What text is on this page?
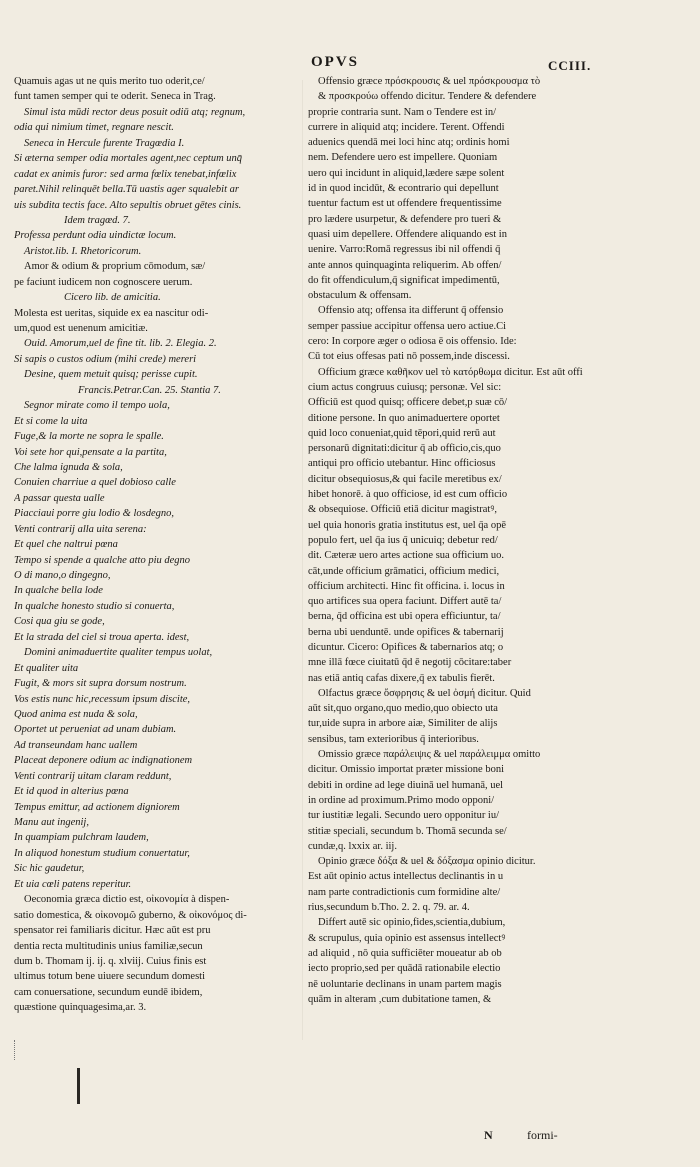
OPVS	CCIII.
Quamuis agas ut ne quis merito tuo oderit,ce/
funt tamen semper qui te oderit. Seneca in Trag.
Simul ista mūdi rector deus posuit odiū atq; regnum,
odia qui nimium timet, regnare nescit.
Seneca in Hercule furente Tragœdia I.
Si æterna semper odia mortales agent,nec ceptum unq̄
cadat ex animis furor: sed arma fœlix tenebat,infœlix
paret.Nihil relinquēt bella.Tū uastis ager squalebit ar
uis subdita tectis face. Alto sepultis obruet gētes cinis.
Idem tragœd. 7.
Professa perdunt odia uindictæ locum.
Aristot.lib. I. Rhetoricorum.
Amor & odium & proprium cōmodum, sæ/
pe faciunt iudicem non cognoscere uerum.
Cicero lib. de amicitia.
Molesta est ueritas, siquide ex ea nascitur odi-
um,quod est uenenum amicitiæ.
Ouid. Amorum,uel de fine tit. lib. 2. Elegia. 2.
Si sapis o custos odium (mihi crede) mereri
Desine, quem metuit quisq; perisse cupit.
Francis.Petrar.Can. 25. Stantia 7.
Segnor mirate como il tempo uola,
Et si come la uita
Fuge,& la morte ne sopra le spalle.
Voi sete hor qui,pensate a la partita,
Che lalma ignuda & sola,
Conuien charriue a quel dobioso calle
A passar questa ualle
Piacciaui porre giu lodio & losdegno,
Venti contrarij alla uita serena:
Et quel che naltrui pœna
Tempo si spende a qualche atto piu degno
O di mano,o dingegno,
In qualche bella lode
In qualche honesto studio si conuerta,
Cosi qua giu se gode,
Et la strada del ciel si troua aperta. idest,
Domini animaduertite qualiter tempus uolat,
Et qualiter uita
Fugit, & mors sit supra dorsum nostrum.
Vos estis nunc hic,recessum ipsum discite,
Quod anima est nuda & sola,
Oportet ut perueniat ad unam dubiam.
Ad transeundam hanc uallem
Placeat deponere odium ac indignationem
Venti contrarij uitam claram reddunt,
Et id quod in alterius pœna
Tempus emittur, ad actionem digniorem
Manu aut ingenij,
In quampiam pulchram laudem,
In aliquod honestum studium conuertatur,
Sic hic gaudetur,
Et uia cœli patens reperitur.
Oeconomia græca dictio est, οἰκονομία à dispen-
satio domestica, & οἰκονομῶ guberno, & οἰκονόμος di-
spensator rei familiaris dicitur. Hæc aūt est pru
dentia recta multitudinis unius familiæ,secun
dum b. Thomam ij. ij. q. xlviij. Cuius finis est
ultimus totum bene uiuere secundum domesti
cam conuersatione, secundum eundē ibidem,
quæstione quinquagesima,ar. 3.
Offensio græce πρόσκρουσις & uel πρόσκρουσμα τὸ
& προσκρούω offendo dicitur. Tendere & defendere
proprie contraria sunt. Nam o Tendere est in/
currere in aliquid atq; incidere. Terent. Offendi
aduenics quendā mei loci hinc atq; ordinis homi
nem. Defendere uero est impellere. Quoniam
uero qui incidunt in aliquid,lædere sæpe solent
id in quod incidūt, & econtrario qui depellunt
tuentur factum est ut offendere frequentissime
pro lædere usurpetur, & defendere pro tueri &
quasi uim depellere. Offendere aliquando est in
uenire. Varro:Romā regressus ibi nil offendi q̄
ante annos quinquaginta reliquerim. Ab offen/
do fit offendiculum,q̄ significat impedimentū,
obstaculum & offensam.
Offensio atq; offensa ita differunt q̄ offensio
semper passiue accipitur offensa uero actiue.Ci
cero: In corpore æger o odiosa ē ois offensio. Ide:
Cū tot eius offesas pati nō possem,inde discessi.
Officium græce καθῆκον uel τὸ κατόρθωμα dicitur. Est aūt offi
cium actus congruus cuiusq; personæ. Vel sic:
Officiū est quod quisq; officere debet,p suæ cō/
ditione persone. In quo animaduertere oportet
quid loco conueniat,quid tēpori,quid rerū aut
personarū dignitati:dicitur q̄ ab officio,cis,quo
antiqui pro officio utebantur. Hinc officiosus
dicitur obsequiosus,& qui facile meretibus ex/
hibet honorē. à quo officiose, id est cum officio
& obsequiose. Officiū etiā dicitur magistratꝰ,
uel quia honoris gratia institutus est, uel q̄a opē
populo fert, uel q̄a ius q̄ unicuiq; debetur red/
dit. Cæteræ uero artes actione sua officium uo.
cāt,unde officium grāmatici, officium medici,
officium architecti. Hinc fit officina. i. locus in
quo artifices sua opera faciunt. Differt autē ta/
berna, q̄d officina est ubi opera efficiuntur, ta/
berna ubi uenduntē. unde opifices & tabernarij
dicuntur. Cicero: Opifices & tabernarios atq; o
mne illā fœce ciuitatū q̄d ē negotij cōcitare:taber
nas etiā antiq cafas dixere,q̄ ex tabulis fierēt.
Olfactus græce ὄσφρησις & uel ὀσμή dicitur. Quid
aūt sit,quo organo,quo medio,quo obiecto uta
tur,uide supra in arbore aiæ, Similiter de alijs
sensibus, tam exterioribus q̄ interioribus.
Omissio græce παράλειψις & uel παράλειμμα omitto
dicitur. Omissio importat præter missione boni
debiti in ordine ad lege diuinā uel humanā, uel
in ordine ad proximum.Primo modo opponi/
tur iustitiæ legali. Secundo uero opponitur iu/
stitiæ speciali, secundum b. Thomā secunda se/
cundæ,q. lxxix ar. iij.
Opinio græce δόξα & uel & δόξασμα opinio dicitur.
Est aūt opinio actus intellectus declinantis in u
nam parte contradictionis cum formidine alte/
rius,secundum b.Tho. 2. 2. q. 79. ar. 4.
Differt autē sic opinio,fides,scientia,dubium,
& scrupulus, quia opinio est assensus intellectꝰ
ad aliquid , nō quia sufficiēter moueatur ab ob
iecto proprio,sed per quādā rationabile electio
nē uoluntarie declinans in unam partem magis
quām in alteram ,cum dubitatione tamen, &
N	formi-
